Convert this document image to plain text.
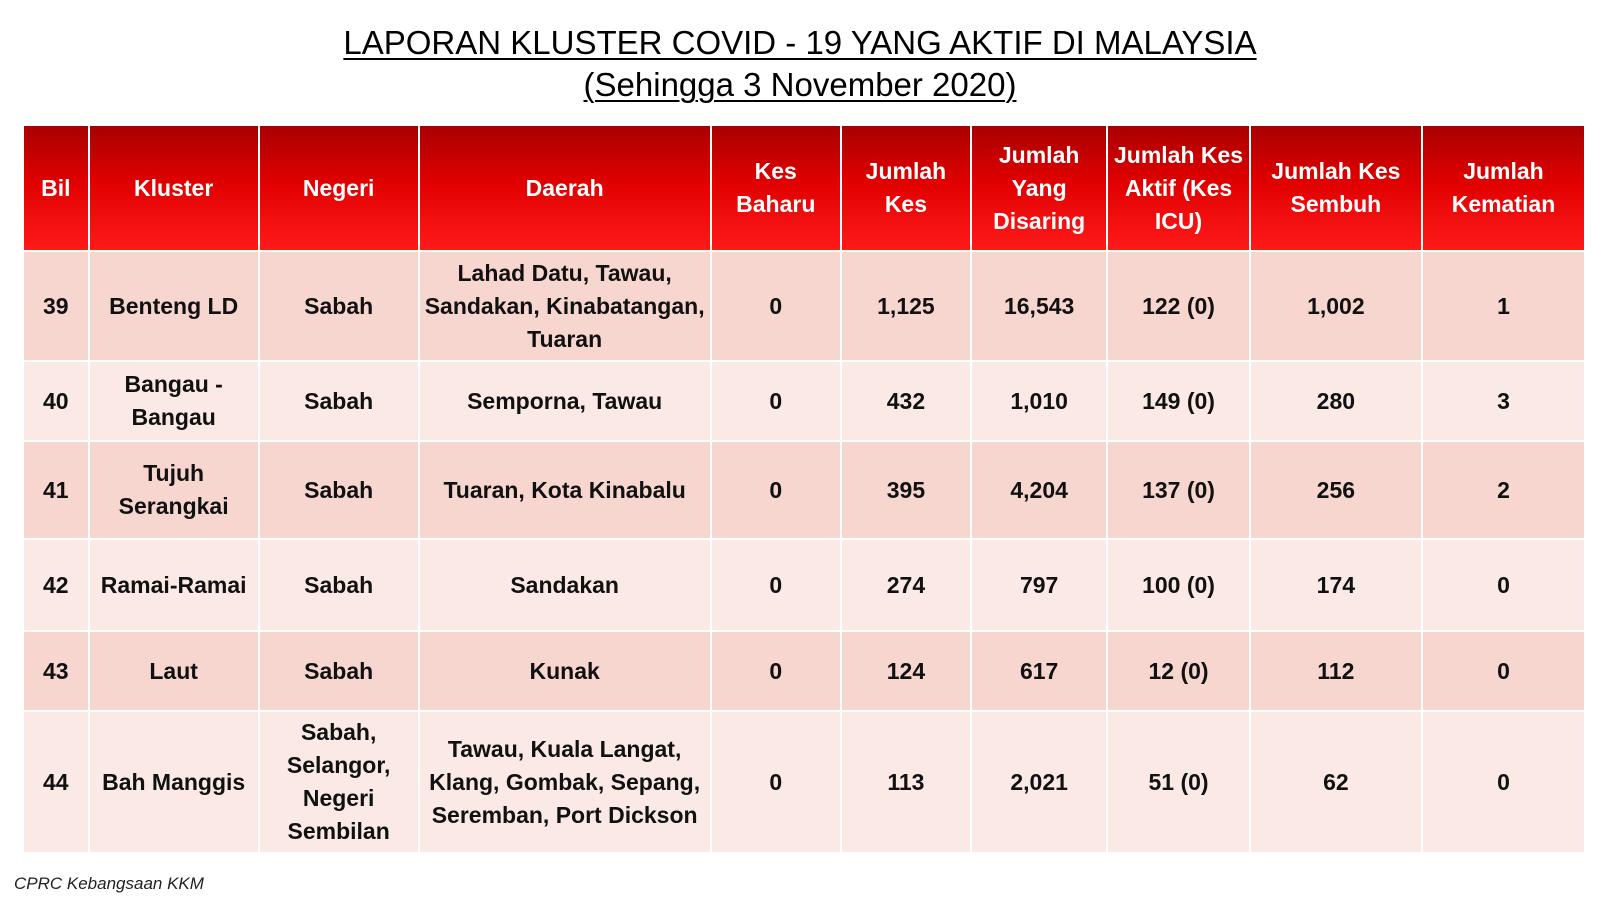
LAPORAN KLUSTER COVID - 19 YANG AKTIF DI MALAYSIA
(Sehingga 3 November 2020)
Bil	Kluster	Negeri	Daerah	Kes Baharu	Jumlah Kes	Jumlah Yang Disaring	Jumlah Kes Aktif (Kes ICU)	Jumlah Kes Sembuh	Jumlah Kematian
39	Benteng LD	Sabah	Lahad Datu, Tawau, Sandakan, Kinabatangan, Tuaran	0	1,125	16,543	122 (0)	1,002	1
40	Bangau - Bangau	Sabah	Semporna, Tawau	0	432	1,010	149 (0)	280	3
41	Tujuh Serangkai	Sabah	Tuaran, Kota Kinabalu	0	395	4,204	137 (0)	256	2
42	Ramai-Ramai	Sabah	Sandakan	0	274	797	100 (0)	174	0
43	Laut	Sabah	Kunak	0	124	617	12 (0)	112	0
44	Bah Manggis	Sabah, Selangor, Negeri Sembilan	Tawau, Kuala Langat, Klang, Gombak, Sepang, Seremban, Port Dickson	0	113	2,021	51 (0)	62	0
CPRC Kebangsaan KKM
